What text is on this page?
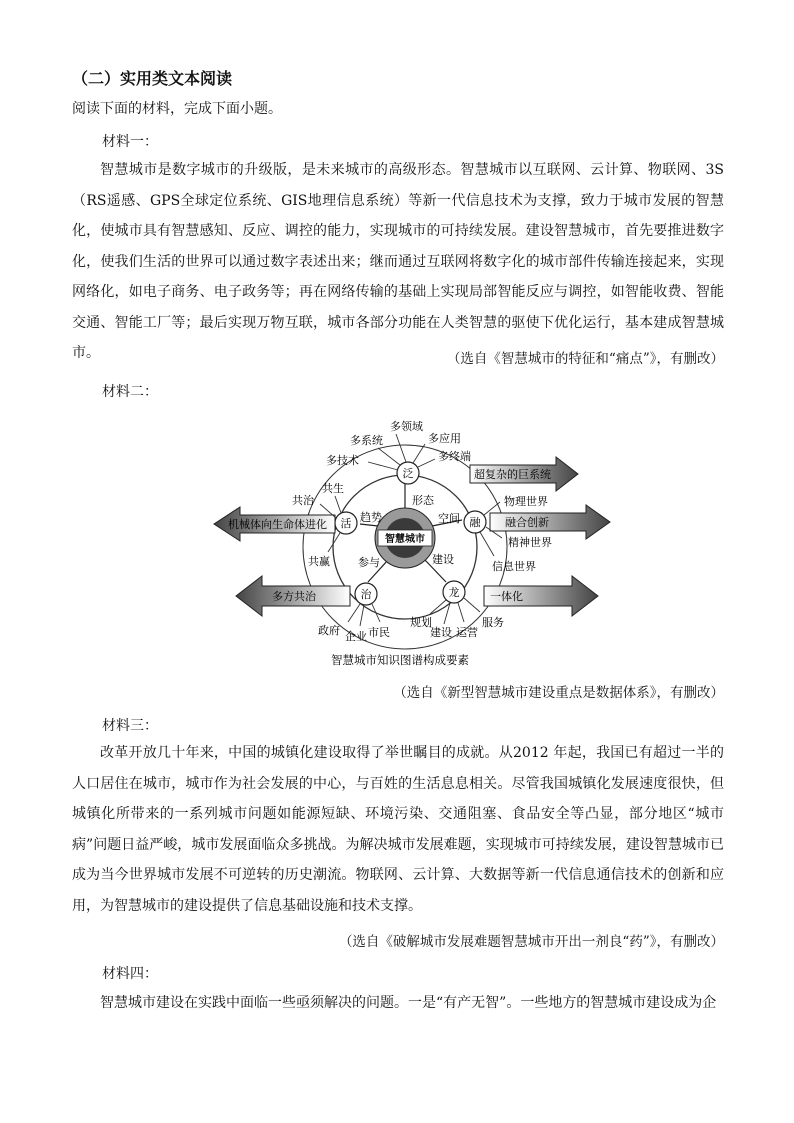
（二）实用类文本阅读
阅读下面的材料，完成下面小题。
材料一：

智慧城市是数字城市的升级版，是未来城市的高级形态。智慧城市以互联网、云计算、物联网、3S（RS遥感、GPS全球定位系统、GIS地理信息系统）等新一代信息技术为支撑，致力于城市发展的智慧化，使城市具有智慧感知、反应、调控的能力，实现城市的可持续发展。建设智慧城市，首先要推进数字化，使我们生活的世界可以通过数字表述出来；继而通过互联网将数字化的城市部件传输连接起来，实现网络化，如电子商务、电子政务等；再在网络传输的基础上实现局部智能反应与调控，如智能收费、智能交通、智能工厂等；最后实现万物互联，城市各部分功能在人类智慧的驱使下优化运行，基本建成智慧城市。	（选自《智慧城市的特征和“痛点”》，有删改）
材料二：
超复杂的巨系统
融合创新
机械体向生命体进化
多方共治	一体化
智慧城市
形态
空间
趋势
参与	建设
泛
融
活
治	龙
多领域
多应用
多系统
多技术	多终端
物理世界
精神世界
信息世界
共生
共治
共赢
政府 企业 市民
规划
建设 运营
服务
智慧城市知识图谱构成要素
（选自《新型智慧城市建设重点是数据体系》，有删改）
材料三：

改革开放几十年来，中国的城镇化建设取得了举世瞩目的成就。从2012 年起，我国已有超过一半的人口居住在城市，城市作为社会发展的中心，与百姓的生活息息相关。尽管我国城镇化发展速度很快，但城镇化所带来的一系列城市问题如能源短缺、环境污染、交通阻塞、食品安全等凸显，部分地区“城市病”问题日益严峻，城市发展面临众多挑战。为解决城市发展难题，实现城市可持续发展，建设智慧城市已成为当今世界城市发展不可逆转的历史潮流。物联网、云计算、大数据等新一代信息通信技术的创新和应用，为智慧城市的建设提供了信息基础设施和技术支撑。

（选自《破解城市发展难题智慧城市开出一剂良“药”》，有删改）
材料四：

智慧城市建设在实践中面临一些亟须解决的问题。一是“有产无智”。一些地方的智慧城市建设成为企
